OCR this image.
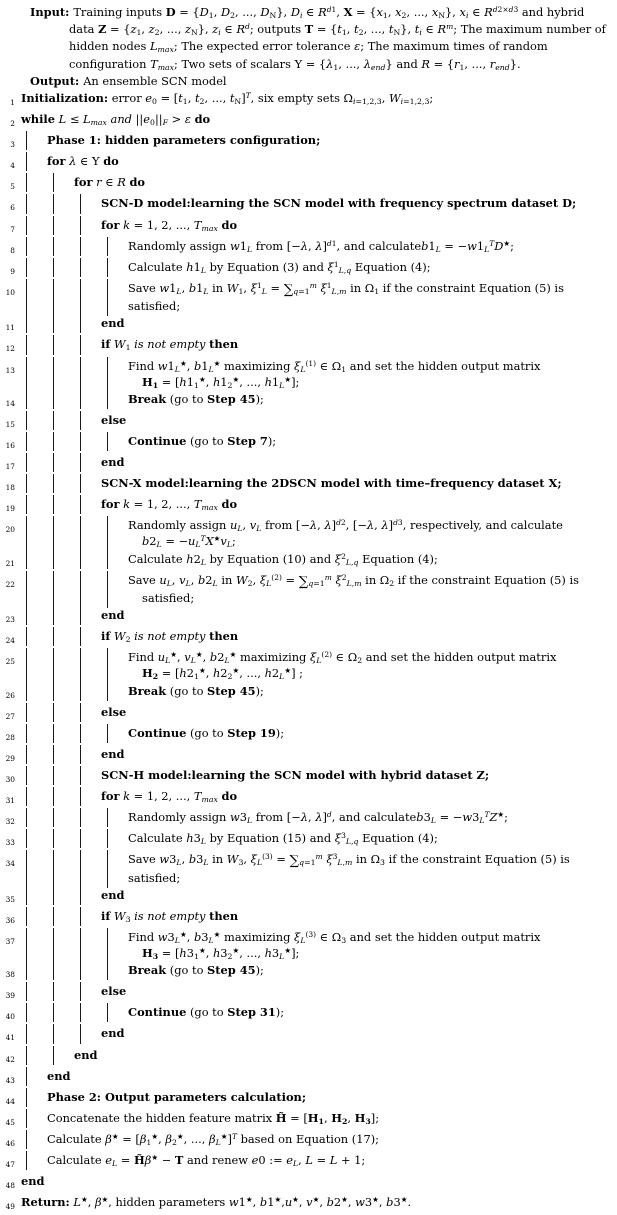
Input: Training inputs $D = \{D_1$, $D_2$, ..., $D_N$}, $D_i$ ∈ $R^{d1}$, $X = \{x_1$, $x_2$, ..., $x_N$}, $x_i$ ∈ $R^{d2\times d3}$ and hybrid
data $Z = \{z_1$, $z_2$, ..., $z_N$}, $z_i$ ∈ $R^d$; outputs $T = \{t_1$, $t_2$, ..., $t_N$}, $t_i$ ∈ $R^m$; The maximum number of
hidden nodes $L_{max}$; The expected error tolerance ε; The maximum times of random
configuration $T_{max}$; Two sets of scalars $Y = \{\lambda_1$, ..., $\lambda_{end}$} and $R = \{r_1$, ..., $r_{end}$}.
Output: An ensemble SCN model
1 Initialization: error $e_0 = [t_1$, $t_2$, ..., $t_N]^T$, six empty sets $\Omega_{i=1,2,3}$, $W_{i=1,2,3}$;
2 while $L \le L_{max}$ and $||e_0||_F > \varepsilon$ do
3	Phase 1: hidden parameters configuration;
4	for λ ∈ Y do
5	for r ∈ R do
6	SCN-D model:learning the SCN model with frequency spectrum dataset D;
7	for k = 1, 2, ..., $T_{max}$ do
8	Randomly assign $w1_L$ from [−λ, λ]$^{d1}$, and $calculateb1_L = -w1_L^TD^★$;
9	Calculate $h1_L$ by Equation (3) and $\xi^1_{L,q}$ Equation (4);
10	Save $w1_L$, $b1_L$ in $W_1$, $\xi^1_L = \sum_{q=1}^m$ $\xi^1_{L,m}$ in $\Omega_1$ if the constraint Equation (5) is satisfied;
11	end
12	if $W_1$ is not empty then
13	Find $w1_L^★$, $b1_L^★$ maximizing $\xi_L^{(1)}$ ∈ $\Omega_1$ and set the hidden output matrix
$H_1 = [h1_1^★$, $h1_2^★$, ..., $h1_L^★$];
14	Break (go to Step 45);
15	else
16	Continue (go to Step 7);
17	end
18	SCN-X model:learning the 2DSCN model with time–frequency dataset X;
19	for k = 1, 2, ..., $T_{max}$ do
20	Randomly assign $u_L$, $v_L$ from [−λ, λ]$^{d2}$, [−λ, λ]$^{d3}$, respectively, and calculate
$b2_L = -u_L^TX^★v_L$;
21	Calculate $h2_L$ by Equation (10) and $\xi^2_{L,q}$ Equation (4);
22	Save $u_L$, $v_L$, $b2_L$ in $W_2$, $\xi_L^{(2)} = \sum_{q=1}^m$ $\xi^2_{L,m}$ in $\Omega_2$ if the constraint Equation (5) is
satisfied;
23	end
24	if $W_2$ is not empty then
25	Find $u_L^★$, $v_L^★$, $b2_L^★$ maximizing $\xi_L^{(2)}$ ∈ $\Omega_2$ and set the hidden output matrix
$H_2 = [h2_1^★$, $h2_2^★$, ..., $h2_L^★$] ;
26	Break (go to Step 45);
27	else
28	Continue (go to Step 19);
29	end
30	SCN-H model:learning the SCN model with hybrid dataset Z;
31	for k = 1, 2, ..., $T_{max}$ do
32	Randomly assign $w3_L$ from [−λ, λ]$^d$, and $calculateb3_L = -w3_L^TZ^★$;
33	Calculate $h3_L$ by Equation (15) and $\xi^3_{L,q}$ Equation (4);
34	Save $w3_L$, $b3_L$ in $W_3$, $\xi_L^{(3)} = \sum_{q=1}^m$ $\xi^3_{L,m}$ in $\Omega_3$ if the constraint Equation (5) is satisfied;
35	end
36	if $W_3$ is not empty then
37	Find $w3_L^★$, $b3_L^★$ maximizing $\xi_L^{(3)}$ ∈ $\Omega_3$ and set the hidden output matrix
$H_3 = [h3_1^★$, $h3_2^★$, ..., $h3_L^★$];
38	Break (go to Step 45);
39	else
40	Continue (go to Step 31);
41	end
42	end
43	end
44	Phase 2: Output parameters calculation;
45	Concatenate the hidden feature matrix H̃ = [$H_1$, $H_2$, $H_3$];
46	Calculate $\beta^★ = [\beta_1^★$, $\beta_2^★$, ..., $\beta_L^★]^T$ based on Equation (17);
47	Calculate $e_L$ = H̃β★ − T and renew e0 := $e_L$, L = L + 1;
48 end
49 Return: L★, β★, hidden parameters w1★, b1★,u★, v★, b2★, w3★, b3★.
